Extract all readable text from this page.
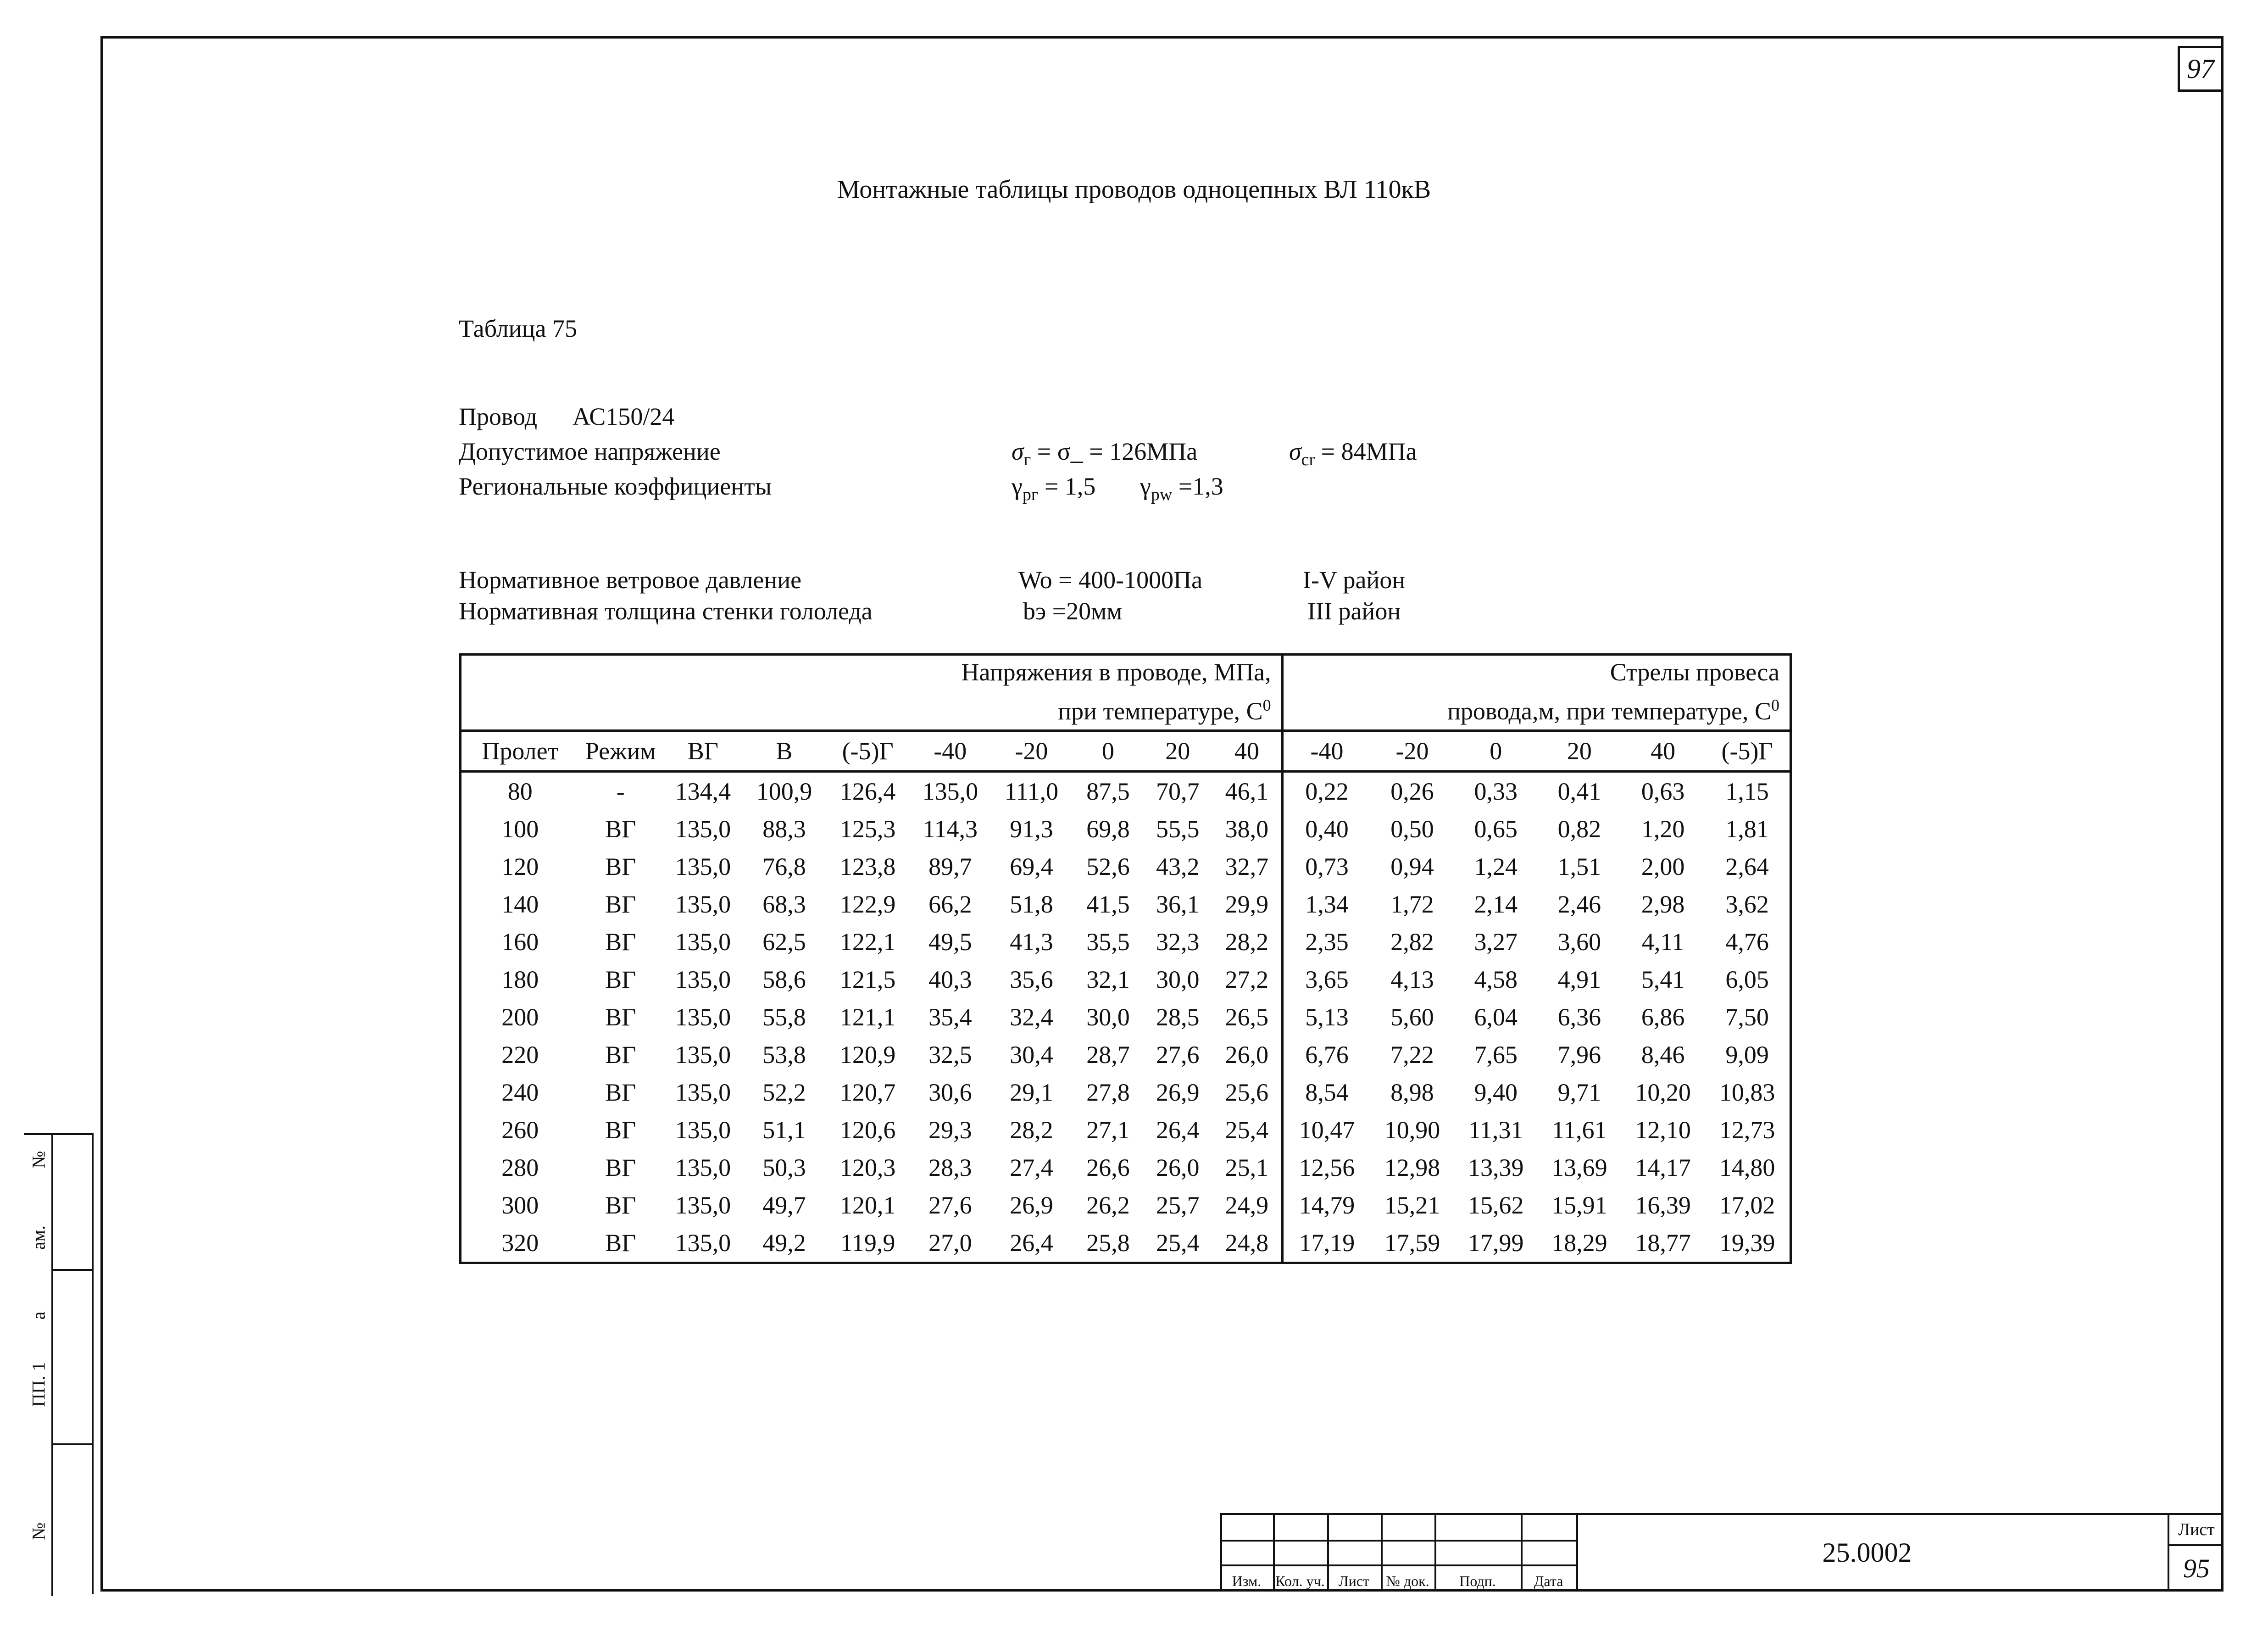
97
Монтажные таблицы проводов одноцепных ВЛ 110кВ
Таблица 75
Провод АС150/24
Допустимое напряжение	$\sigma_г$ = σ_ = 126МПа	$\sigma_{cr} = 84МПа$
Региональные коэффициенты	$\gamma_{pг} = 1,5$ $\gamma_{pw} =1,3$
Нормативное ветровое давление	Wo = 400-1000Па	I-V район
Нормативная толщина стенки гололеда	bэ =20мм	III район
Напряжения в проводе, МПа,
при температуре, $С^0$										Стрелы провеса
провода,м, при температуре, $С^0$
Пролет	Режим	ВГ	В	(-5)Г	-40	-20	0	20	40	-40	-20	0	20	40	(-5)Г
80	-	134,4	100,9	126,4	135,0	111,0	87,5	70,7	46,1	0,22	0,26	0,33	0,41	0,63	1,15
100	ВГ	135,0	88,3	125,3	114,3	91,3	69,8	55,5	38,0	0,40	0,50	0,65	0,82	1,20	1,81
120	ВГ	135,0	76,8	123,8	89,7	69,4	52,6	43,2	32,7	0,73	0,94	1,24	1,51	2,00	2,64
140	ВГ	135,0	68,3	122,9	66,2	51,8	41,5	36,1	29,9	1,34	1,72	2,14	2,46	2,98	3,62
160	ВГ	135,0	62,5	122,1	49,5	41,3	35,5	32,3	28,2	2,35	2,82	3,27	3,60	4,11	4,76
180	ВГ	135,0	58,6	121,5	40,3	35,6	32,1	30,0	27,2	3,65	4,13	4,58	4,91	5,41	6,05
200	ВГ	135,0	55,8	121,1	35,4	32,4	30,0	28,5	26,5	5,13	5,60	6,04	6,36	6,86	7,50
220	ВГ	135,0	53,8	120,9	32,5	30,4	28,7	27,6	26,0	6,76	7,22	7,65	7,96	8,46	9,09
240	ВГ	135,0	52,2	120,7	30,6	29,1	27,8	26,9	25,6	8,54	8,98	9,40	9,71	10,20	10,83
260	ВГ	135,0	51,1	120,6	29,3	28,2	27,1	26,4	25,4	10,47	10,90	11,31	11,61	12,10	12,73
280	ВГ	135,0	50,3	120,3	28,3	27,4	26,6	26,0	25,1	12,56	12,98	13,39	13,69	14,17	14,80
300	ВГ	135,0	49,7	120,1	27,6	26,9	26,2	25,7	24,9	14,79	15,21	15,62	15,91	16,39	17,02
320	ВГ	135,0	49,2	119,9	27,0	26,4	25,8	25,4	24,8	17,19	17,59	17,99	18,29	18,77	19,39
№
ам.
а
ПП. 1
№
Изм. Кол. уч. Лист	№ док.	Подп.	Дата
25.0002
Лист
95
